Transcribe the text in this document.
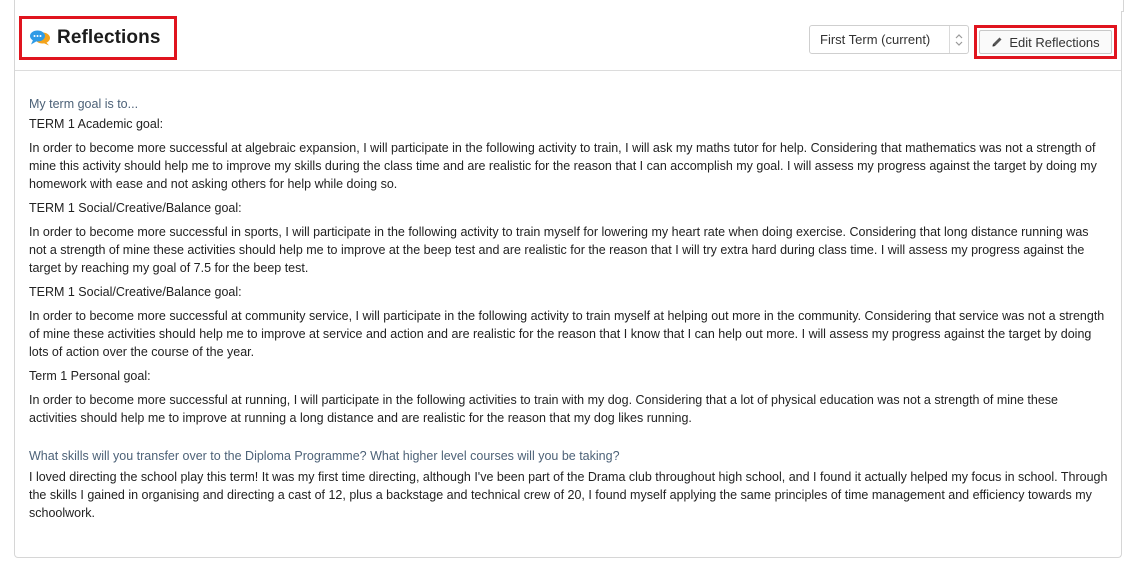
Reflections	First Term (current)	Edit Reflections

My term goal is to...

TERM 1 Academic goal:

In order to become more successful at algebraic expansion, I will participate in the following activity to train, I will ask my maths tutor for help. Considering that mathematics was not a strength of mine this activity should help me to improve my skills during the class time and are realistic for the reason that I can accomplish my goal. I will assess my progress against the target by doing my homework with ease and not asking others for help while doing so.

TERM 1 Social/Creative/Balance goal:

In order to become more successful in sports, I will participate in the following activity to train myself for lowering my heart rate when doing exercise. Considering that long distance running was not a strength of mine these activities should help me to improve at the beep test and are realistic for the reason that I will try extra hard during class time. I will assess my progress against the target by reaching my goal of 7.5 for the beep test.

TERM 1 Social/Creative/Balance goal:

In order to become more successful at community service, I will participate in the following activity to train myself at helping out more in the community. Considering that service was not a strength of mine these activities should help me to improve at service and action and are realistic for the reason that I know that I can help out more. I will assess my progress against the target by doing lots of action over the course of the year.

Term 1 Personal goal:

In order to become more successful at running, I will participate in the following activities to train with my dog. Considering that a lot of physical education was not a strength of mine these activities should help me to improve at running a long distance and are realistic for the reason that my dog likes running.

What skills will you transfer over to the Diploma Programme? What higher level courses will you be taking?

I loved directing the school play this term! It was my first time directing, although I've been part of the Drama club throughout high school, and I found it actually helped my focus in school. Through the skills I gained in organising and directing a cast of 12, plus a backstage and technical crew of 20, I found myself applying the same principles of time management and efficiency towards my schoolwork.
